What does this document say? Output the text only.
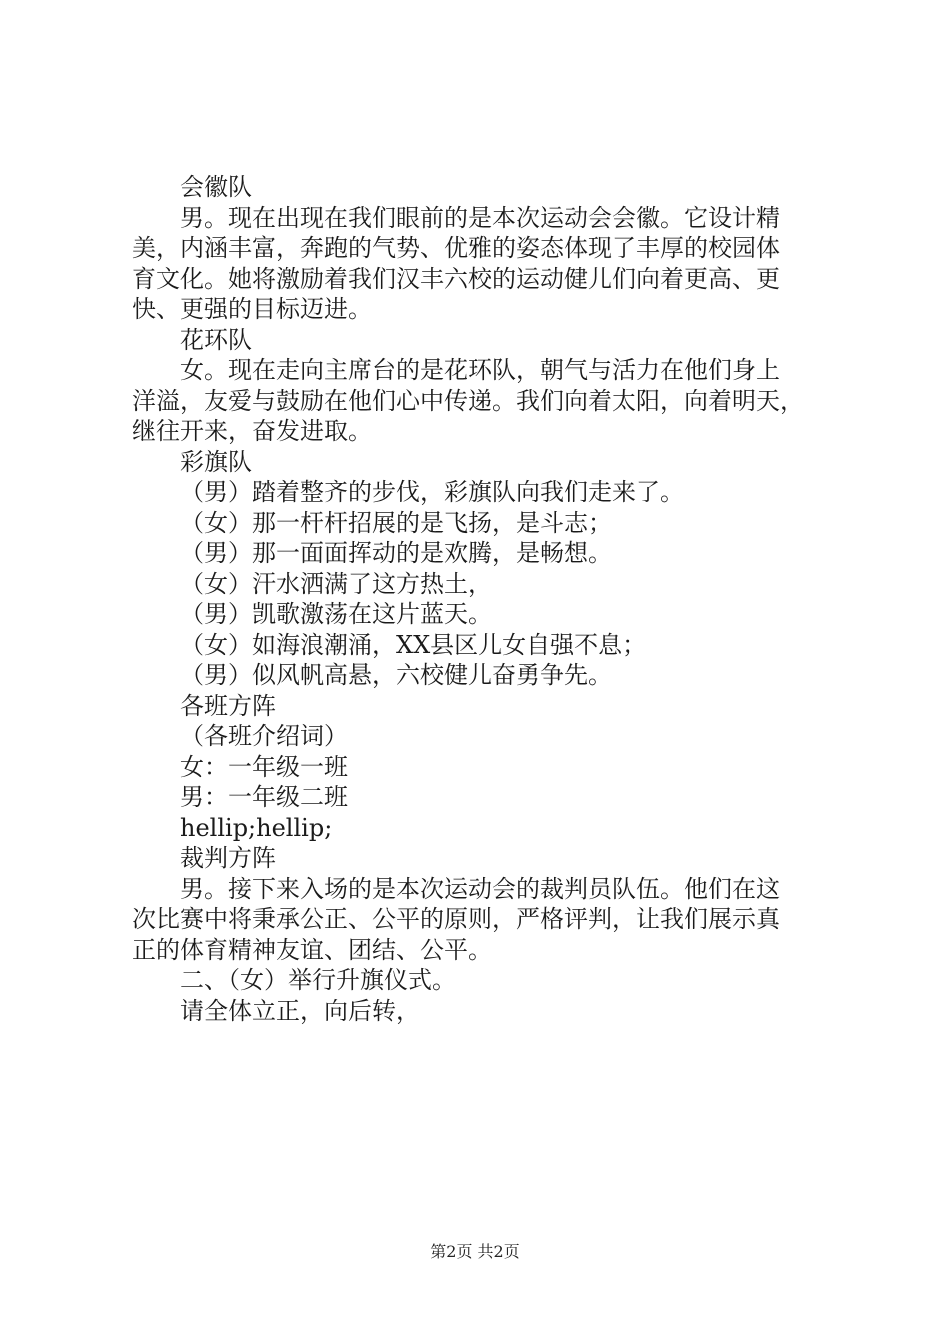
会徽队
男。现在出现在我们眼前的是本次运动会会徽。它设计精
美，内涵丰富，奔跑的气势、优雅的姿态体现了丰厚的校园体
育文化。她将激励着我们汉丰六校的运动健儿们向着更高、更
快、更强的目标迈进。
花环队
女。现在走向主席台的是花环队，朝气与活力在他们身上
洋溢，友爱与鼓励在他们心中传递。我们向着太阳，向着明天，
继往开来，奋发进取。
彩旗队
（男）踏着整齐的步伐，彩旗队向我们走来了。
（女）那一杆杆招展的是飞扬，是斗志；
（男）那一面面挥动的是欢腾，是畅想。
（女）汗水洒满了这方热土，
（男）凯歌激荡在这片蓝天。
（女）如海浪潮涌，XX县区儿女自强不息；
（男）似风帆高悬，六校健儿奋勇争先。
各班方阵
（各班介绍词）
女：一年级一班
男：一年级二班
hellip;hellip;
裁判方阵
男。接下来入场的是本次运动会的裁判员队伍。他们在这
次比赛中将秉承公正、公平的原则，严格评判，让我们展示真
正的体育精神友谊、团结、公平。
二、（女）举行升旗仪式。
请全体立正，向后转，
第2页 共2页
